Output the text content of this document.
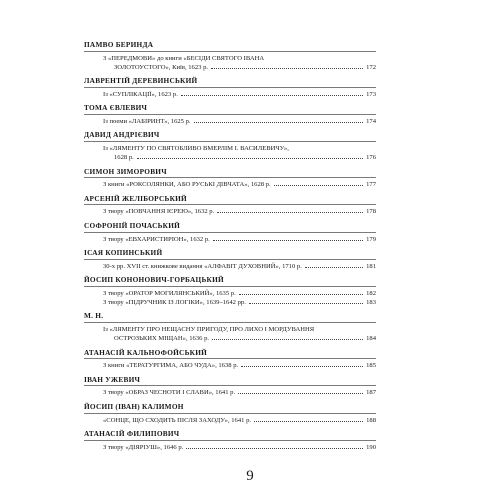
ПАМВО БЕРИНДА
З «ПЕРЕДМОВИ» до книги «БЕСІДИ СВЯТОГО ІВАНА
ЗОЛОТОУСТОГО», Київ, 1623 р.	172
ЛАВРЕНТІЙ ДЕРЕВИНСЬКИЙ
Із «СУПЛІКАЦІЇ», 1623 р.	173
ТОМА ЄВЛЕВИЧ
Із поеми «ЛАБІРИНТ», 1625 р.	174
ДАВИД АНДРІЄВИЧ
Із «ЛЯМЕНТУ ПО СВЯТОБЛИВО ВМЕРЛІМ І. ВАСИЛЕВИЧУ»,
1628 р.	176
СИМОН ЗИМОРОВИЧ
З книги «РОКСОЛЯНКИ, АБО РУСЬКІ ДІВЧАТА», 1628 р.	177
АРСЕНІЙ ЖЕЛІБОРСЬКИЙ
З твору «ПОВЧАННЯ ІЄРЕЮ», 1632 р.	178
СОФРОНІЙ ПОЧАСЬКИЙ
З твору «ЕВХАРИСТИРІОН», 1632 р.	179
ІСАЯ КОПИНСЬКИЙ
30-х рр. XVII ст. книжкове видання «АЛФАВІТ ДУХОВНИЙ», 1710 р.	181
ЙОСИП КОНОНОВИЧ-ГОРБАЦЬКИЙ
З твору «ОРАТОР МОГИЛЯНСЬКИЙ», 1635 р.	182
З твору «ПІДРУЧНИК ІЗ ЛОГІКИ», 1639–1642 рр.	183
М. Н.
Із «ЛЯМЕНТУ ПРО НЕЩАСНУ ПРИГОДУ, ПРО ЛИХО І МОРДУВАННЯ
ОСТРОЗЬКИХ МІЩАН», 1636 р.	184
АТАНАСІЙ КАЛЬНОФОЙСЬКИЙ
З книги «ТЕРАТУРГИМА, АБО ЧУДА», 1638 р.	185
ІВАН УЖЕВИЧ
З твору «ОБРАЗ ЧЕСНОТИ І СЛАВИ», 1641 р.	187
ЙОСИП (ІВАН) КАЛИМОН
«СОНЦЕ, ЩО СХОДИТЬ ПІСЛЯ ЗАХОДУ», 1641 р.	188
АТАНАСІЙ ФИЛИПОВИЧ
З твору «ДІЯРІУШ», 1646 р.	190
9
